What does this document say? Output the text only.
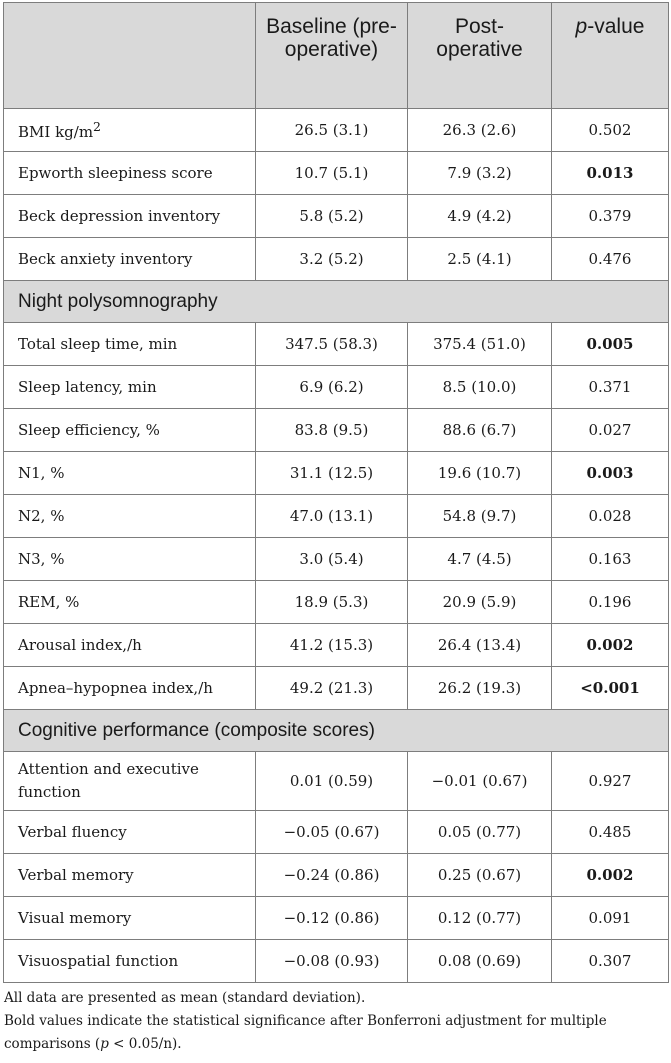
	Baseline (pre-operative)	Post-operative	p-value
BMI $kg/m^2$	26.5 (3.1)	26.3 (2.6)	0.502
Epworth sleepiness score	10.7 (5.1)	7.9 (3.2)	0.013
Beck depression inventory	5.8 (5.2)	4.9 (4.2)	0.379
Beck anxiety inventory	3.2 (5.2)	2.5 (4.1)	0.476
Night polysomnography			
Total sleep time, min	347.5 (58.3)	375.4 (51.0)	0.005
Sleep latency, min	6.9 (6.2)	8.5 (10.0)	0.371
Sleep efficiency, %	83.8 (9.5)	88.6 (6.7)	0.027
N1, %	31.1 (12.5)	19.6 (10.7)	0.003
N2, %	47.0 (13.1)	54.8 (9.7)	0.028
N3, %	3.0 (5.4)	4.7 (4.5)	0.163
REM, %	18.9 (5.3)	20.9 (5.9)	0.196
Arousal index,/h	41.2 (15.3)	26.4 (13.4)	0.002
Apnea–hypopnea index,/h	49.2 (21.3)	26.2 (19.3)	<0.001
Cognitive performance (composite scores)			
Attention and executive function	0.01 (0.59)	−0.01 (0.67)	0.927
Verbal fluency	−0.05 (0.67)	0.05 (0.77)	0.485
Verbal memory	−0.24 (0.86)	0.25 (0.67)	0.002
Visual memory	−0.12 (0.86)	0.12 (0.77)	0.091
Visuospatial function	−0.08 (0.93)	0.08 (0.69)	0.307

All data are presented as mean (standard deviation).

Bold values indicate the statistical significance after Bonferroni adjustment for multiple comparisons (p < 0.05/n).
